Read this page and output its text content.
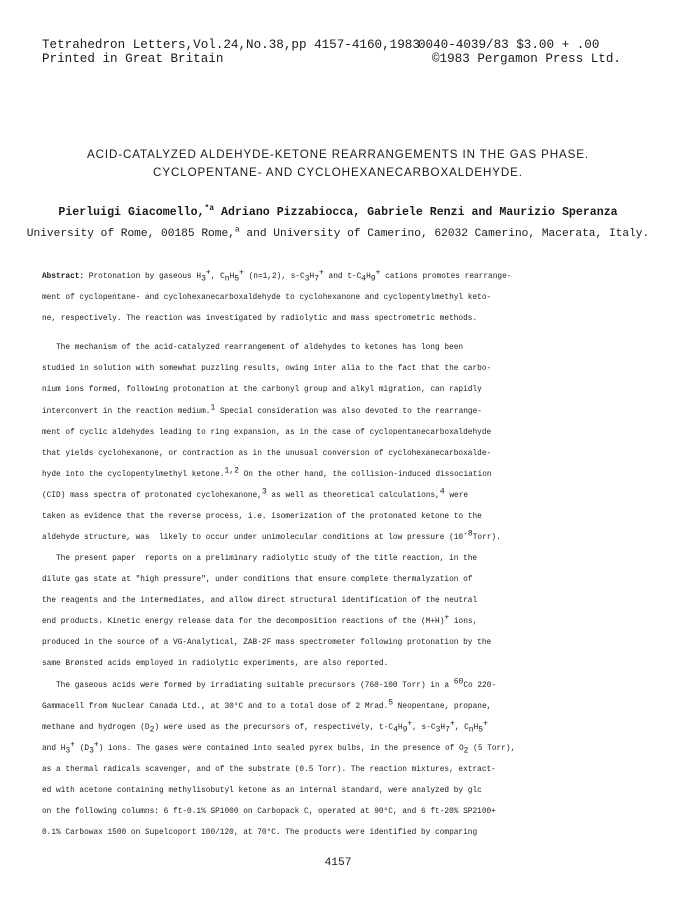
Tetrahedron Letters,Vol.24,No.38,pp 4157-4160,1983
0040-4039/83 $3.00 + .00
Printed in Great Britain	©1983 Pergamon Press Ltd.
ACID-CATALYZED ALDEHYDE-KETONE REARRANGEMENTS IN THE GAS PHASE.
CYCLOPENTANE- AND CYCLOHEXANECARBOXALDEHYDE.
Pierluigi Giacomello,$^{*a}$ Adriano Pizzabiocca, Gabriele Renzi and Maurizio Speranza
University of Rome, 00185 Rome,$^a$ and University of Camerino, 62032 Camerino, Macerata, Italy.
Abstract: Protonation by gaseous $H_3^+$, $C_nH_5^+$ (n=1,2), $s-C_3H_7^+$ and $t-C_4H_9^+$ cations promotes rearrange-
ment of cyclopentane- and cyclohexanecarboxaldehyde to cyclohexanone and cyclopentylmethyl keto-
ne, respectively. The reaction was investigated by radiolytic and mass spectrometric methods.
The mechanism of the acid-catalyzed rearrangement of aldehydes to ketones has long been
studied in solution with somewhat puzzling results, owing inter alia to the fact that the carbo-
nium ions formed, following protonation at the carbonyl group and alkyl migration, can rapidly
interconvert in the reaction medium.$^1$ Special consideration was also devoted to the rearrange-
ment of cyclic aldehydes leading to ring expansion, as in the case of cyclopentanecarboxaldehyde
that yields cyclohexanone, or contraction as in the unusual conversion of cyclohexanecarboxalde-
hyde into the cyclopentylmethyl ketone.$^{1,2}$ On the other hand, the collision-induced dissociation
(CID) mass spectra of protonated cyclohexanone,$^3$ as well as theoretical calculations,$^4$ were
taken as evidence that the reverse process, i.e. isomerization of the protonated ketone to the
aldehyde structure, was  likely to occur under unimolecular conditions at low pressure $(10^{-8}Torr)$.
The present paper  reports on a preliminary radiolytic study of the title reaction, in the
dilute gas state at "high pressure", under conditions that ensure complete thermalyzation of
the reagents and the intermediates, and allow direct structural identification of the neutral
end products. Kinetic energy release data for the decomposition reactions of the (M+H)+ ions,
produced in the source of a VG-Analytical, ZAB-2F mass spectrometer following protonation by the
same Brønsted acids employed in radiolytic experiments, are also reported.
The gaseous acids were formed by irradiating suitable precursors (760-100 Torr) in a $^{60}$Co 220-
Gammacell from Nuclear Canada Ltd., at 30°C and to a total dose of 2 Mrad.$^5$ Neopentane, propane,
methane and hydrogen $(D_2)$ were used as the precursors of, respectively, $t-C_4H_9^+$, $s-C_3H_7^+$, $C_nH_5^+$
and $H_3^+$ $(D_3^+)$ ions. The gases were contained into sealed pyrex bulbs, in the presence of $O_2$ (5 Torr),
as a thermal radicals scavenger, and of the substrate (0.5 Torr). The reaction mixtures, extract-
ed with acetone containing methylisobutyl ketone as an internal standard, were analyzed by glc
on the following columns: 6 ft-0.1% SP1000 on Carbopack C, operated at 90°C, and 6 ft-20% SP2100+
0.1% Carbowax 1500 on Supelcoport 100/120, at 70°C. The products were identified by comparing
4157
